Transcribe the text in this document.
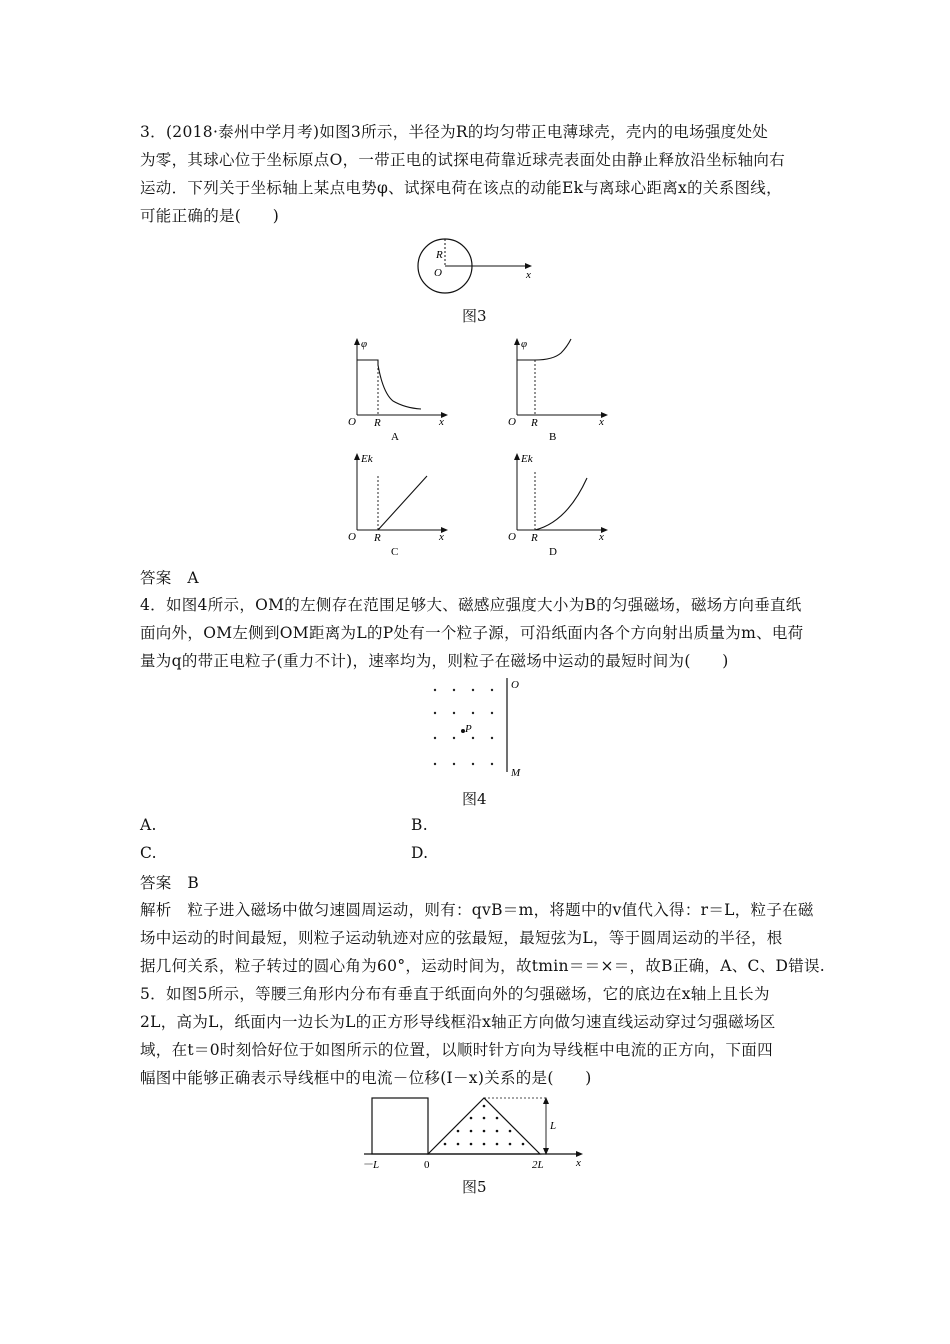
3．(2018·泰州中学月考)如图3所示，半径为R的均匀带正电薄球壳，壳内的电场强度处处
为零，其球心位于坐标原点O，一带正电的试探电荷靠近球壳表面处由静止释放沿坐标轴向右
运动．下列关于坐标轴上某点电势φ、试探电荷在该点的动能Ek与离球心距离x的关系图线，
可能正确的是(　　)
R
O	x
图3
φ
O R	x
A
φ
O R	x
B
Ek
O R	x
C
Ek
O R	x
D
答案　A
4．如图4所示，OM的左侧存在范围足够大、磁感应强度大小为B的匀强磁场，磁场方向垂直纸
面向外，OM左侧到OM距离为L的P处有一个粒子源，可沿纸面内各个方向射出质量为m、电荷
量为q的带正电粒子(重力不计)，速率均为，则粒子在磁场中运动的最短时间为(　　)
P
O
M
图4
A.	B.
C.	D.
答案　B
解析　粒子进入磁场中做匀速圆周运动，则有：qvB＝m，将题中的v值代入得：r＝L，粒子在磁
场中运动的时间最短，则粒子运动轨迹对应的弦最短，最短弦为L，等于圆周运动的半径，根
据几何关系，粒子转过的圆心角为60°，运动时间为，故tmin＝＝×＝，故B正确，A、C、D错误.
5．如图5所示，等腰三角形内分布有垂直于纸面向外的匀强磁场，它的底边在x轴上且长为
2L，高为L，纸面内一边长为L的正方形导线框沿x轴正方向做匀速直线运动穿过匀强磁场区
域，在t＝0时刻恰好位于如图所示的位置，以顺时针方向为导线框中电流的正方向，下面四
幅图中能够正确表示导线框中的电流－位移(I－x)关系的是(　　)
－L	0	2L	x
L
图5
